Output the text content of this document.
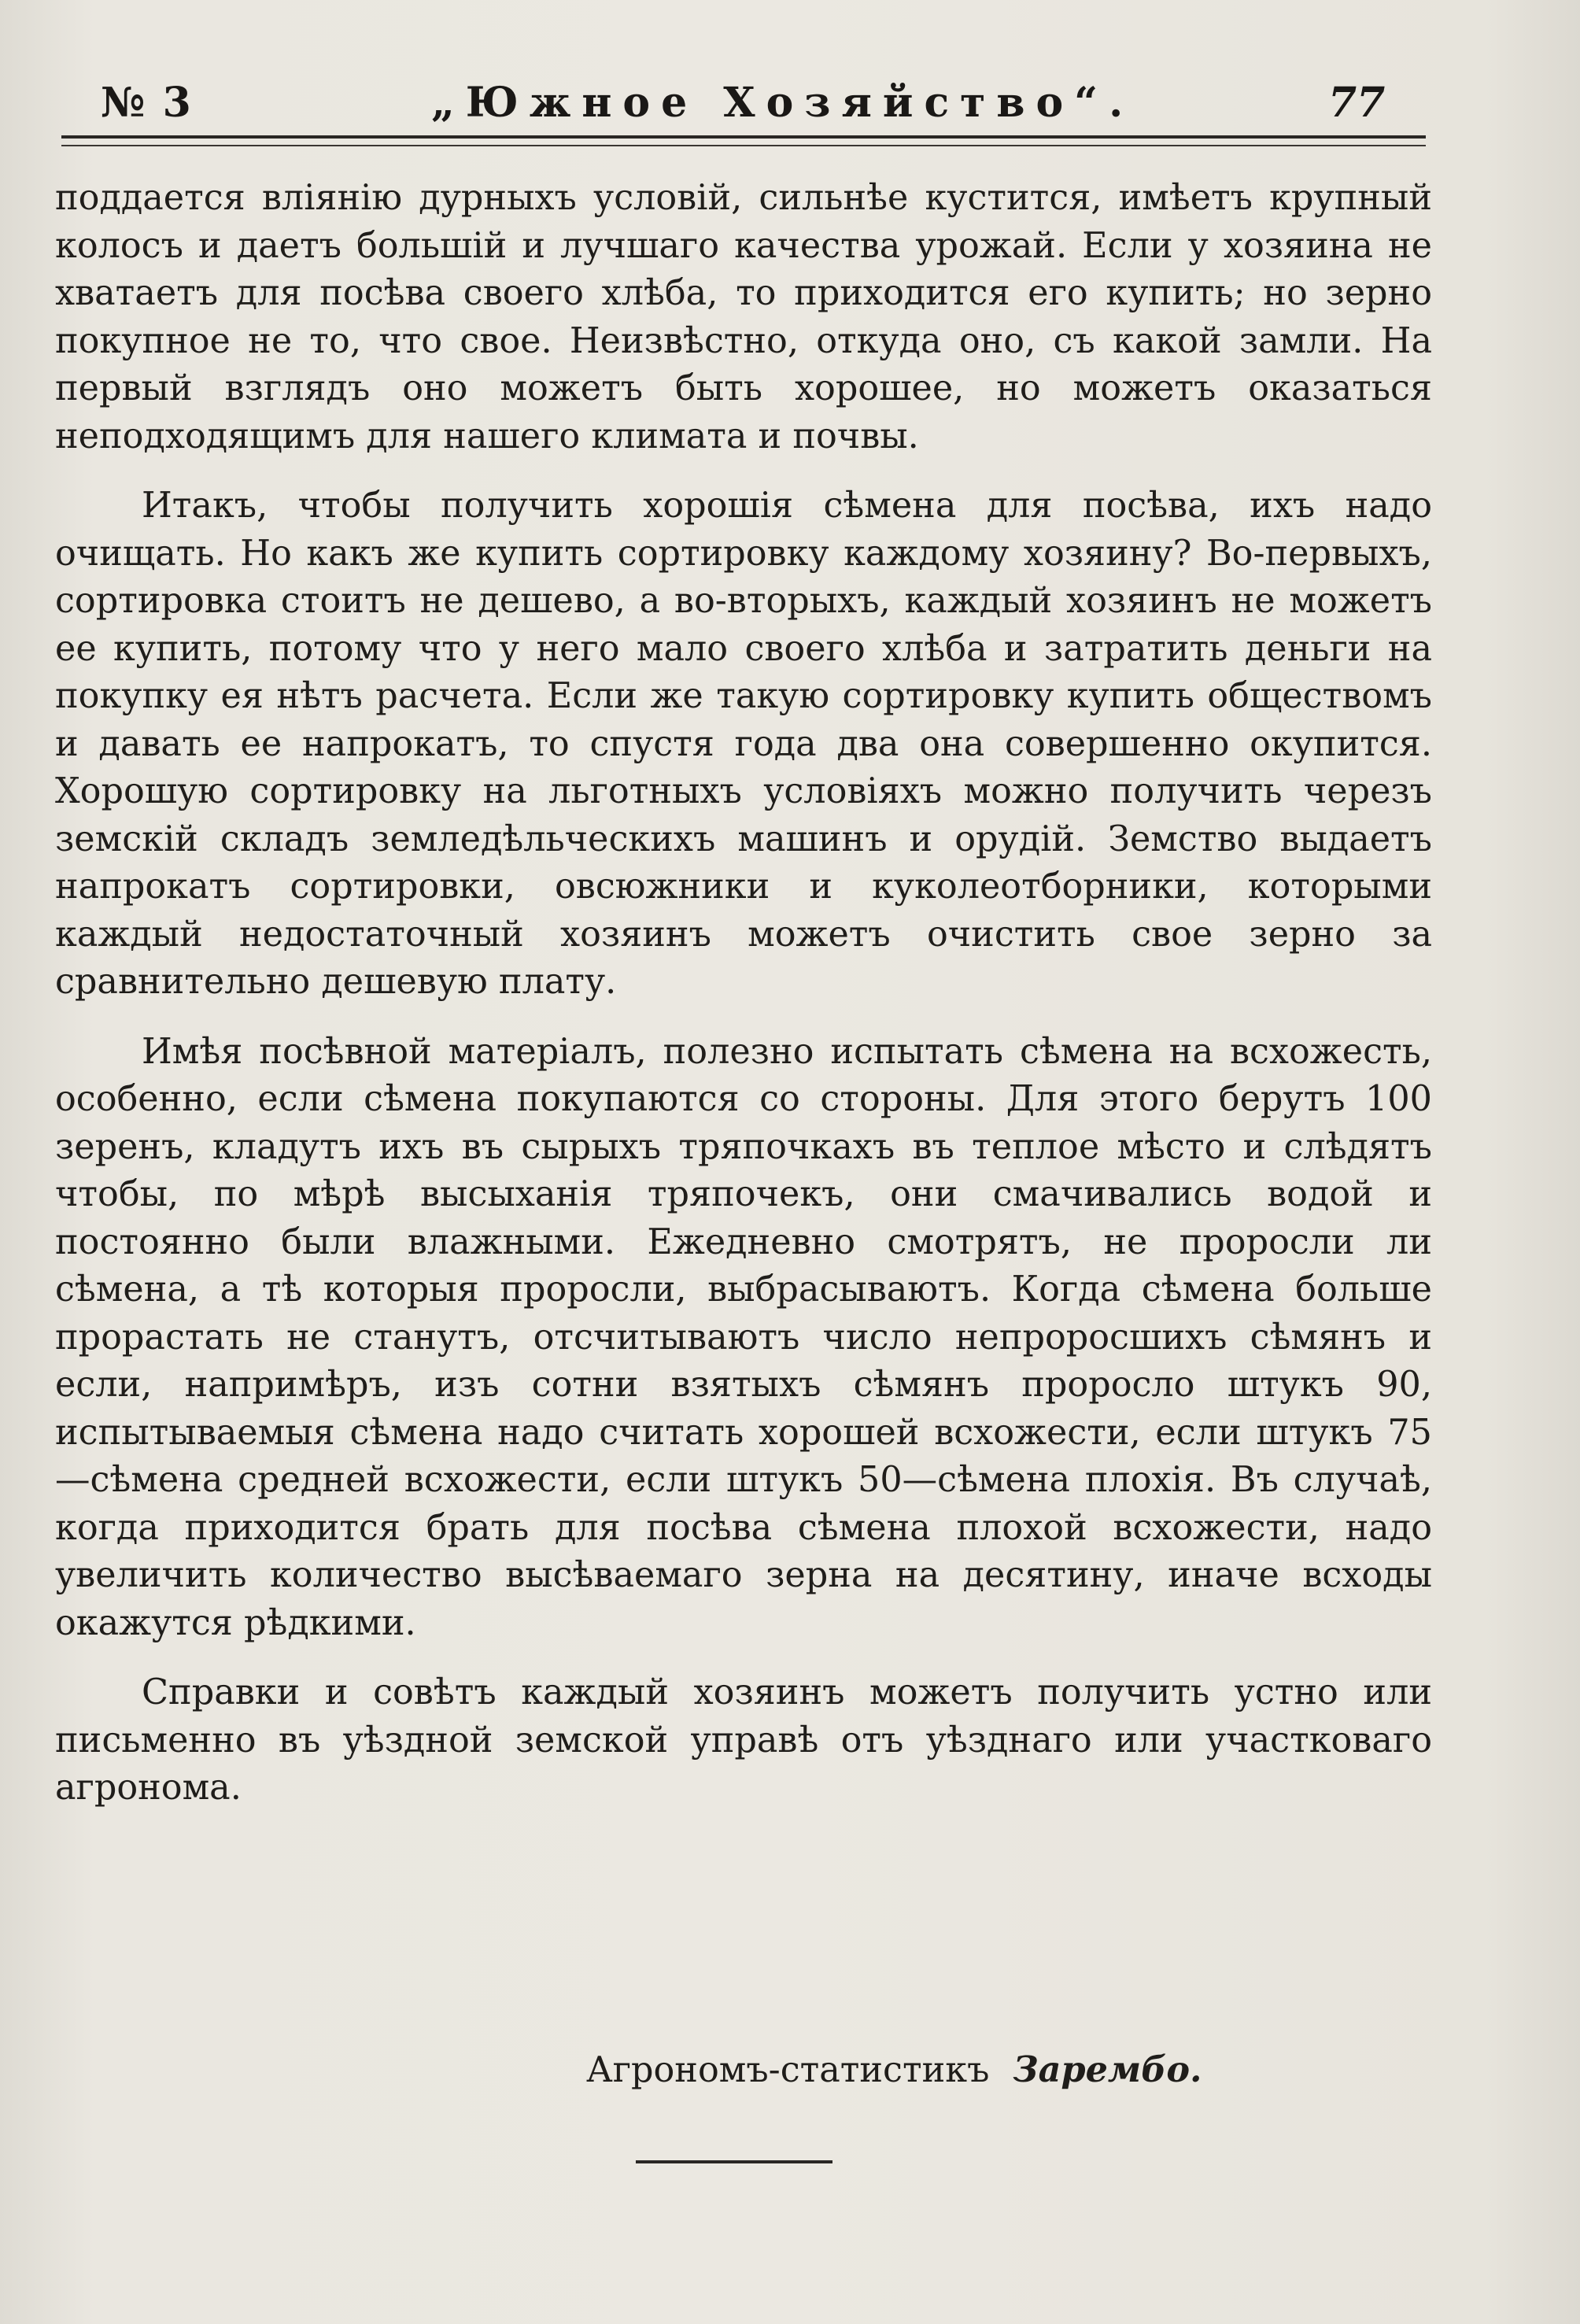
№ 3	„Южное Хозяйство“.	77

поддается влiянiю дурныхъ условiй, сильнѣе кустится, имѣетъ крупный колосъ и даетъ большiй и лучшаго качества урожай. Если у хозяина не хватаетъ для посѣва своего хлѣба, то приходится его купить; но зерно покупное не то, что свое. Неизвѣстно, откуда оно, съ какой замли. На первый взглядъ оно можетъ быть хорошее, но можетъ оказаться неподходящимъ для нашего климата и почвы.

Итакъ, чтобы получить хорошiя сѣмена для посѣва, ихъ надо очищать. Но какъ же купить сортировку каждому хозяину? Во-первыхъ, сортировка стоитъ не дешево, а во-вторыхъ, каждый хозяинъ не можетъ ее купить, потому что у него мало своего хлѣба и затратить деньги на покупку ея нѣтъ расчета. Если же такую сортировку купить обществомъ и давать ее напрокатъ, то спустя года два она совершенно окупится. Хорошую сортировку на льготныхъ условiяхъ можно получить черезъ земскiй складъ земледѣльческихъ машинъ и орудiй. Земство выдаетъ напрокатъ сортировки, овсюжники и куколеотборники, которыми каждый недостаточный хозяинъ можетъ очистить свое зерно за сравнительно дешевую плату.

Имѣя посѣвной матерiалъ, полезно испытать сѣмена на всхожесть, особенно, если сѣмена покупаются со стороны. Для этого берутъ 100 зеренъ, кладутъ ихъ въ сырыхъ тряпочкахъ въ теплое мѣсто и слѣдятъ чтобы, по мѣрѣ высыханiя тряпочекъ, они смачивались водой и постоянно были влажными. Ежедневно смотрятъ, не проросли ли сѣмена, а тѣ которыя проросли, выбрасываютъ. Когда сѣмена больше прорастать не станутъ, отсчитываютъ число непроросшихъ сѣмянъ и если, напримѣръ, изъ сотни взятыхъ сѣмянъ проросло штукъ 90, испытываемыя сѣмена надо считать хорошей всхожести, если штукъ 75—сѣмена средней всхожести, если штукъ 50—сѣмена плохiя. Въ случаѣ, когда приходится брать для посѣва сѣмена плохой всхожести, надо увеличить количество высѣваемаго зерна на десятину, иначе всходы окажутся рѣдкими.

Справки и совѣтъ каждый хозяинъ можетъ получить устно или письменно въ уѣздной земской управѣ отъ уѣзднаго или участковаго агронома.

Агрономъ-статистикъ Зарембо.
